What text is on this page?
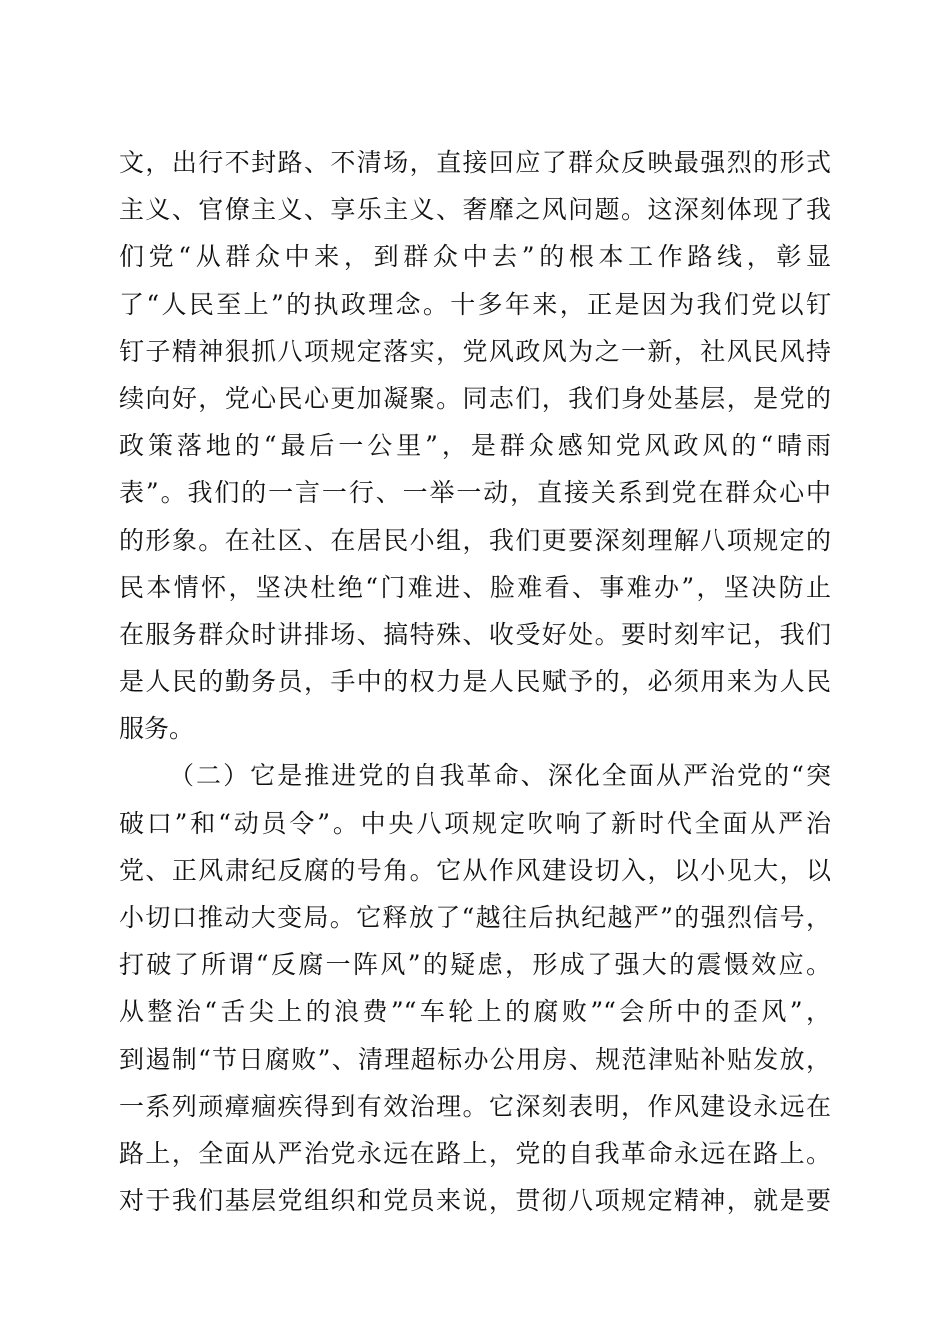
文，出行不封路、不清场，直接回应了群众反映最强烈的形式
主义、官僚主义、享乐主义、奢靡之风问题。这深刻体现了我
们党“从群众中来，到群众中去”的根本工作路线，彰显
了“人民至上”的执政理念。十多年来，正是因为我们党以钉
钉子精神狠抓八项规定落实，党风政风为之一新，社风民风持
续向好，党心民心更加凝聚。同志们，我们身处基层，是党的
政策落地的“最后一公里”，是群众感知党风政风的“晴雨
表”。我们的一言一行、一举一动，直接关系到党在群众心中
的形象。在社区、在居民小组，我们更要深刻理解八项规定的
民本情怀，坚决杜绝“门难进、脸难看、事难办”，坚决防止
在服务群众时讲排场、搞特殊、收受好处。要时刻牢记，我们
是人民的勤务员，手中的权力是人民赋予的，必须用来为人民
服务。
（二）它是推进党的自我革命、深化全面从严治党的“突
破口”和“动员令”。中央八项规定吹响了新时代全面从严治
党、正风肃纪反腐的号角。它从作风建设切入，以小见大，以
小切口推动大变局。它释放了“越往后执纪越严”的强烈信号，
打破了所谓“反腐一阵风”的疑虑，形成了强大的震慑效应。
从整治“舌尖上的浪费”“车轮上的腐败”“会所中的歪风”，
到遏制“节日腐败”、清理超标办公用房、规范津贴补贴发放，
一系列顽瘴痼疾得到有效治理。它深刻表明，作风建设永远在
路上，全面从严治党永远在路上，党的自我革命永远在路上。
对于我们基层党组织和党员来说，贯彻八项规定精神，就是要
